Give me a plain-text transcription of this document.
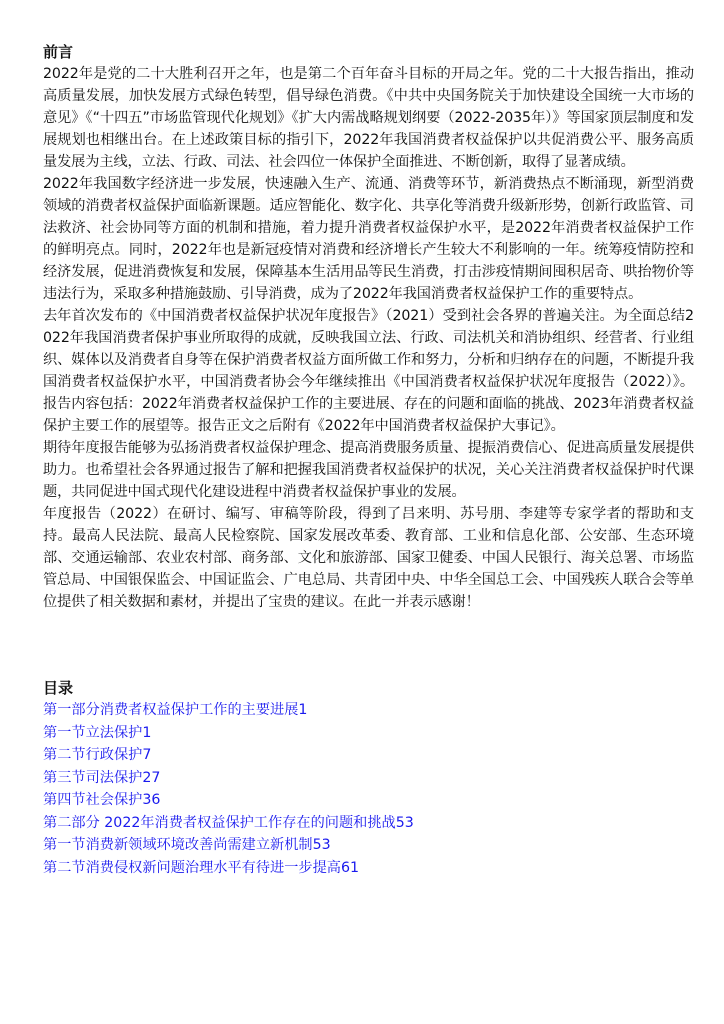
前言

2022年是党的二十大胜利召开之年，也是第二个百年奋斗目标的开局之年。党的二十大报告指出，推动高质量发展，加快发展方式绿色转型，倡导绿色消费。《中共中央国务院关于加快建设全国统一大市场的意见》《“十四五”市场监管现代化规划》《扩大内需战略规划纲要（2022-2035年）》等国家顶层制度和发展规划也相继出台。在上述政策目标的指引下，2022年我国消费者权益保护以共促消费公平、服务高质量发展为主线，立法、行政、司法、社会四位一体保护全面推进、不断创新，取得了显著成绩。

2022年我国数字经济进一步发展，快速融入生产、流通、消费等环节，新消费热点不断涌现，新型消费领域的消费者权益保护面临新课题。适应智能化、数字化、共享化等消费升级新形势，创新行政监管、司法救济、社会协同等方面的机制和措施，着力提升消费者权益保护水平，是2022年消费者权益保护工作的鲜明亮点。同时，2022年也是新冠疫情对消费和经济增长产生较大不利影响的一年。统筹疫情防控和经济发展，促进消费恢复和发展，保障基本生活用品等民生消费，打击涉疫情期间囤积居奇、哄抬物价等违法行为，采取多种措施鼓励、引导消费，成为了2022年我国消费者权益保护工作的重要特点。

去年首次发布的《中国消费者权益保护状况年度报告》（2021）受到社会各界的普遍关注。为全面总结2022年我国消费者保护事业所取得的成就，反映我国立法、行政、司法机关和消协组织、经营者、行业组织、媒体以及消费者自身等在保护消费者权益方面所做工作和努力，分析和归纳存在的问题，不断提升我国消费者权益保护水平，中国消费者协会今年继续推出《中国消费者权益保护状况年度报告（2022）》。报告内容包括：2022年消费者权益保护工作的主要进展、存在的问题和面临的挑战、2023年消费者权益保护主要工作的展望等。报告正文之后附有《2022年中国消费者权益保护大事记》。

期待年度报告能够为弘扬消费者权益保护理念、提高消费服务质量、提振消费信心、促进高质量发展提供助力。也希望社会各界通过报告了解和把握我国消费者权益保护的状况，关心关注消费者权益保护时代课题，共同促进中国式现代化建设进程中消费者权益保护事业的发展。

年度报告（2022）在研讨、编写、审稿等阶段，得到了吕来明、苏号朋、李建等专家学者的帮助和支持。最高人民法院、最高人民检察院、国家发展改革委、教育部、工业和信息化部、公安部、生态环境部、交通运输部、农业农村部、商务部、文化和旅游部、国家卫健委、中国人民银行、海关总署、市场监管总局、中国银保监会、中国证监会、广电总局、共青团中央、中华全国总工会、中国残疾人联合会等单位提供了相关数据和素材，并提出了宝贵的建议。在此一并表示感谢！

目录
第一部分消费者权益保护工作的主要进展1
第一节立法保护1
第二节行政保护7
第三节司法保护27
第四节社会保护36
第二部分 2022年消费者权益保护工作存在的问题和挑战53
第一节消费新领域环境改善尚需建立新机制53
第二节消费侵权新问题治理水平有待进一步提高61
